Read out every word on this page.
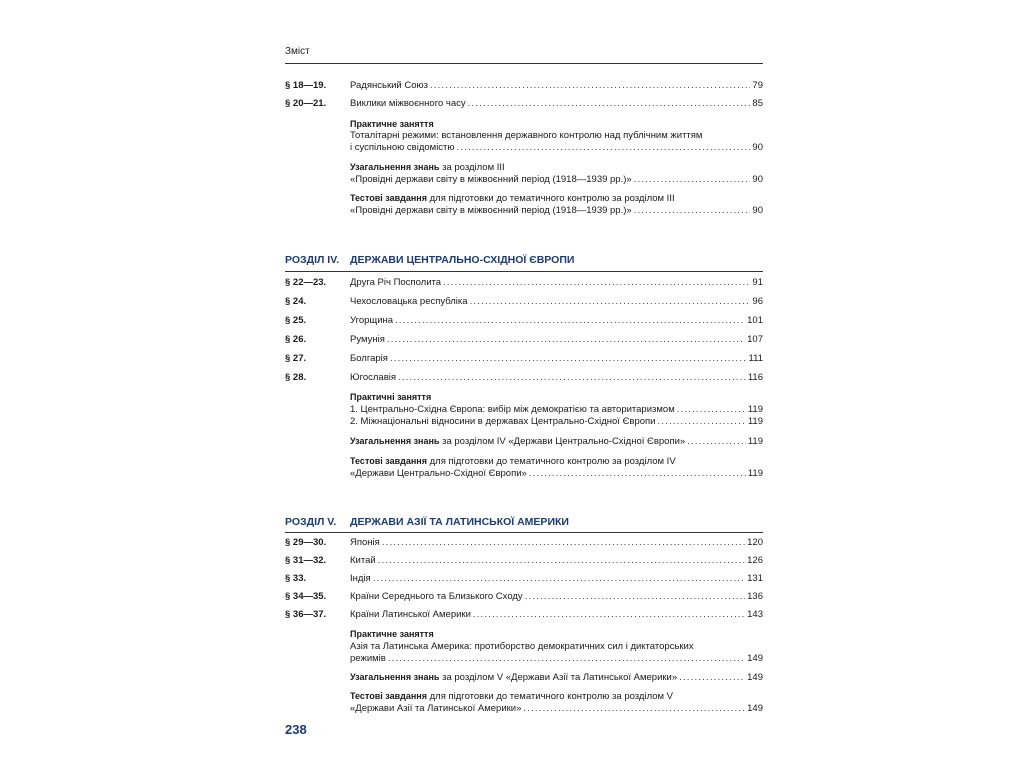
Зміст
§ 18—19.	Радянський Союз .....	79
§ 20—21.	Виклики міжвоєнного часу .....	85
Практичне заняття
Тоталітарні режими: встановлення державного контролю над публічним життям
і суспільною свідомістю .....	90
Узагальнення знань за розділом III
«Провідні держави світу в міжвоєнний період (1918—1939 рр.)» .....	90
Тестові завдання для підготовки до тематичного контролю за розділом III
«Провідні держави світу в міжвоєнний період (1918—1939 рр.)» .....	90
РОЗДІЛ IV. ДЕРЖАВИ ЦЕНТРАЛЬНО-СХІДНОЇ ЄВРОПИ
§ 22—23.	Друга Річ Посполита .....	91
§ 24.	Чехословацька республіка .....	96
§ 25.	Угорщина .....	101
§ 26.	Румунія .....	107
§ 27.	Болгарія .....	111
§ 28.	Югославія .....	116
Практичні заняття
1. Центрально-Східна Європа: вибір між демократією та авторитаризмом .....	119
2. Міжнаціональні відносини в державах Центрально-Східної Європи .....	119
Узагальнення знань за розділом IV «Держави Центрально-Східної Європи» .....	119
Тестові завдання для підготовки до тематичного контролю за розділом IV
«Держави Центрально-Східної Європи» .....	119
РОЗДІЛ V. ДЕРЖАВИ АЗІЇ ТА ЛАТИНСЬКОЇ АМЕРИКИ
§ 29—30.	Японія .....	120
§ 31—32.	Китай .....	126
§ 33.	Індія .....	131
§ 34—35.	Країни Середнього та Близького Сходу .....	136
§ 36—37.	Країни Латинської Америки .....	143
Практичне заняття
Азія та Латинська Америка: протиборство демократичних сил і диктаторських
режимів .....	149
Узагальнення знань за розділом V «Держави Азії та Латинської Америки» .....	149
Тестові завдання для підготовки до тематичного контролю за розділом V
«Держави Азії та Латинської Америки» .....	149
238
